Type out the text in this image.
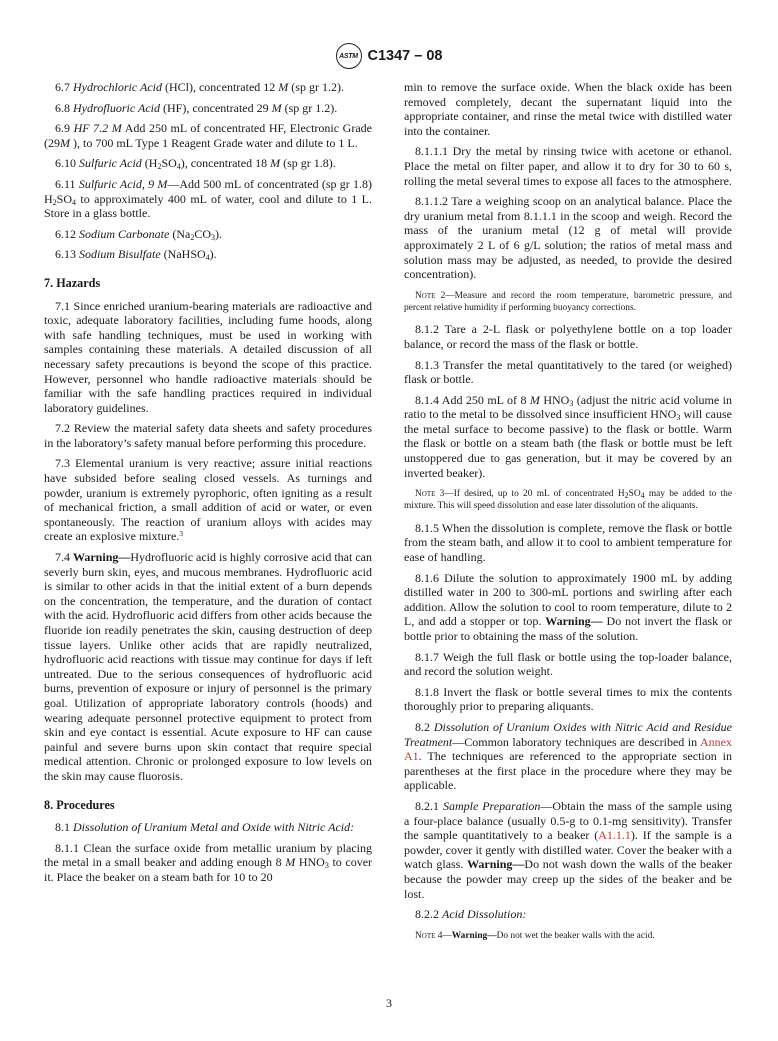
ASTM C1347 – 08

6.7 Hydrochloric Acid (HCl), concentrated 12 M (sp gr 1.2).

6.8 Hydrofluoric Acid (HF), concentrated 29 M (sp gr 1.2).

6.9 HF 7.2 M Add 250 mL of concentrated HF, Electronic Grade (29M ), to 700 mL Type 1 Reagent Grade water and dilute to 1 L.

6.10 Sulfuric Acid $(H_2SO_4)$, concentrated 18 M (sp gr 1.8).

6.11 Sulfuric Acid, 9 M—Add 500 mL of concentrated (sp gr 1.8) $H_2SO_4$ to approximately 400 mL of water, cool and dilute to 1 L. Store in a glass bottle.

6.12 Sodium Carbonate $(Na_2CO_3)$.

6.13 Sodium Bisulfate (NaHSO$_4$).

7. Hazards

7.1 Since enriched uranium-bearing materials are radioactive and toxic, adequate laboratory facilities, including fume hoods, along with safe handling techniques, must be used in working with samples containing these materials. A detailed discussion of all necessary safety precautions is beyond the scope of this practice. However, personnel who handle radioactive materials should be familiar with the safe handling practices required in individual laboratory guidelines.

7.2 Review the material safety data sheets and safety procedures in the laboratory’s safety manual before performing this procedure.

7.3 Elemental uranium is very reactive; assure initial reactions have subsided before sealing closed vessels. As turnings and powder, uranium is extremely pyrophoric, often igniting as a result of mechanical friction, a small addition of acid or water, or even spontaneously. The reaction of uranium alloys with acides may create an explosive mixture.$^3$

7.4 Warning—Hydrofluoric acid is highly corrosive acid that can severly burn skin, eyes, and mucous membranes. Hydrofluoric acid is similar to other acids in that the initial extent of a burn depends on the concentration, the temperature, and the duration of contact with the acid. Hydrofluoric acid differs from other acids because the fluoride ion readily penetrates the skin, causing destruction of deep tissue layers. Unlike other acids that are rapidly neutralized, hydrofluoric acid reactions with tissue may continue for days if left untreated. Due to the serious consequences of hydrofluoric acid burns, prevention of exposure or injury of personnel is the primary goal. Utilization of appropriate laboratory controls (hoods) and wearing adequate personnel protective equipment to protect from skin and eye contact is essential. Acute exposure to HF can cause painful and severe burns upon skin contact that require special medical attention. Chronic or prolonged exposure to low levels on the skin may cause fluorosis.

8. Procedures

8.1 Dissolution of Uranium Metal and Oxide with Nitric Acid:

8.1.1 Clean the surface oxide from metallic uranium by placing the metal in a small beaker and adding enough 8 M $HNO_3$ to cover it. Place the beaker on a steam bath for 10 to 20

min to remove the surface oxide. When the black oxide has been removed completely, decant the supernatant liquid into the appropriate container, and rinse the metal twice with distilled water into the container.

8.1.1.1 Dry the metal by rinsing twice with acetone or ethanol. Place the metal on filter paper, and allow it to dry for 30 to 60 s, rolling the metal several times to expose all faces to the atmosphere.

8.1.1.2 Tare a weighing scoop on an analytical balance. Place the dry uranium metal from 8.1.1.1 in the scoop and weigh. Record the mass of the uranium metal (12 g of metal will provide approximately 2 L of 6 g/L solution; the ratios of metal mass and solution mass may be adjusted, as needed, to provide the desired concentration).

Note 2—Measure and record the room temperature, barometric pressure, and percent relative humidity if performing buoyancy corrections.

8.1.2 Tare a 2-L flask or polyethylene bottle on a top loader balance, or record the mass of the flask or bottle.

8.1.3 Transfer the metal quantitatively to the tared (or weighed) flask or bottle.

8.1.4 Add 250 mL of 8 M $HNO_3$ (adjust the nitric acid volume in ratio to the metal to be dissolved since insufficient $HNO_3$ will cause the metal surface to become passive) to the flask or bottle. Warm the flask or bottle on a steam bath (the flask or bottle must be left unstoppered due to gas generation, but it may be covered by an inverted beaker).

Note 3—If desired, up to 20 mL of concentrated $H_2SO_4$ may be added to the mixture. This will speed dissolution and ease later dissolution of the aliquants.

8.1.5 When the dissolution is complete, remove the flask or bottle from the steam bath, and allow it to cool to ambient temperature for ease of handling.

8.1.6 Dilute the solution to approximately 1900 mL by adding distilled water in 200 to 300-mL portions and swirling after each addition. Allow the solution to cool to room temperature, dilute to 2 L, and add a stopper or top. Warning— Do not invert the flask or bottle prior to obtaining the mass of the solution.

8.1.7 Weigh the full flask or bottle using the top-loader balance, and record the solution weight.

8.1.8 Invert the flask or bottle several times to mix the contents thoroughly prior to preparing aliquants.

8.2 Dissolution of Uranium Oxides with Nitric Acid and Residue Treatment—Common laboratory techniques are described in Annex A1. The techniques are referenced to the appropriate section in parentheses at the first place in the procedure where they may be applicable.

8.2.1 Sample Preparation—Obtain the mass of the sample using a four-place balance (usually 0.5-g to 0.1-mg sensitivity). Transfer the sample quantitatively to a beaker (A1.1.1). If the sample is a powder, cover it gently with distilled water. Cover the beaker with a watch glass. Warning—Do not wash down the walls of the beaker because the powder may creep up the sides of the beaker and be lost.

8.2.2 Acid Dissolution:

Note 4—Warning—Do not wet the beaker walls with the acid.
3
